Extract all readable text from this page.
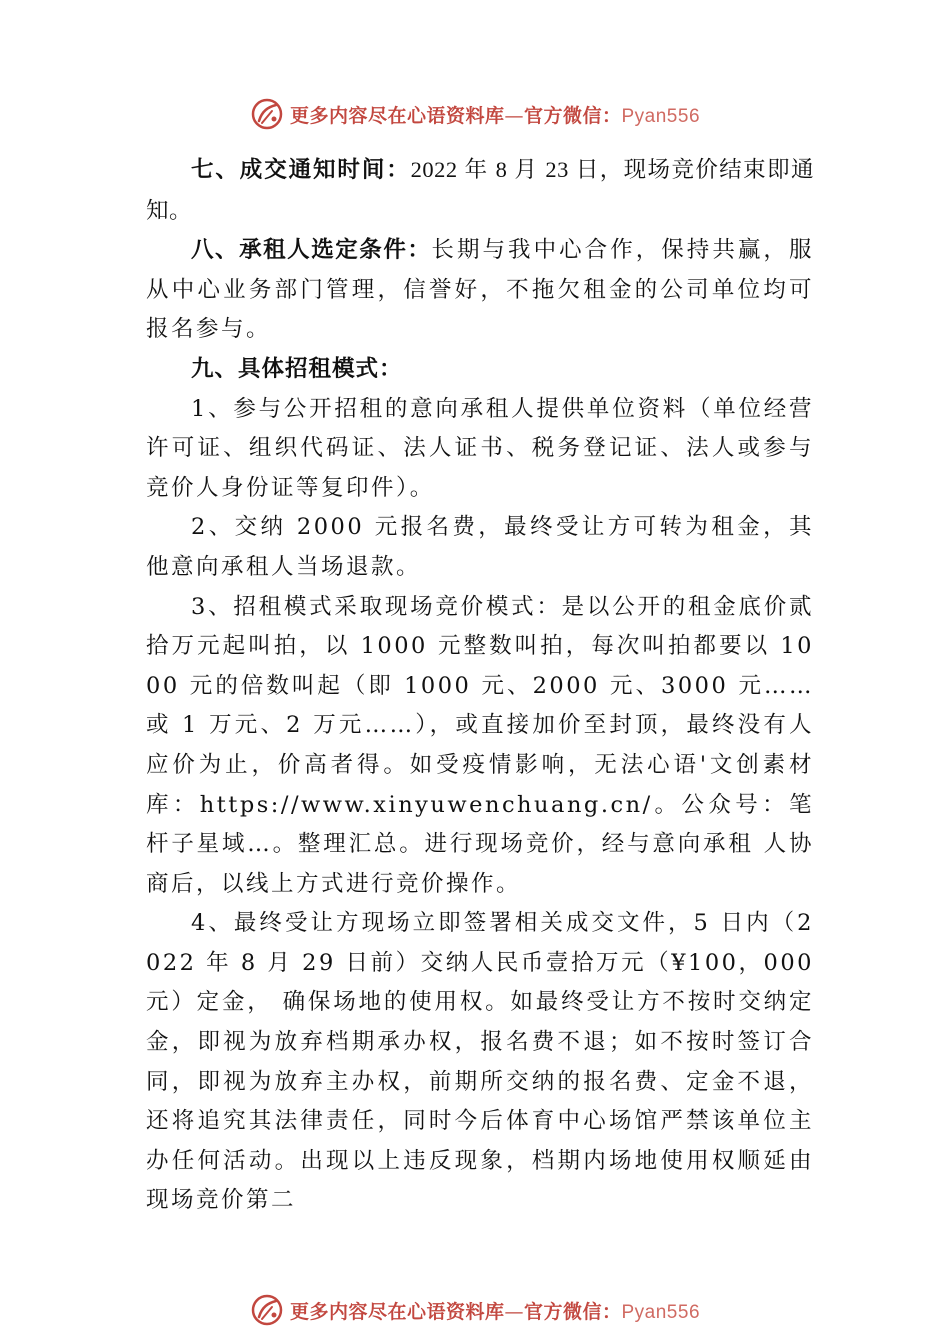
更多内容尽在心语资料库—官方微信：Pyan556

七、成交通知时间：2022 年 8 月 23 日，现场竞价结束即通知。

八、承租人选定条件：长期与我中心合作，保持共赢，服从中心业务部门管理，信誉好，不拖欠租金的公司单位均可报名参与。

九、具体招租模式：

1、参与公开招租的意向承租人提供单位资料（单位经营许可证、组织代码证、法人证书、税务登记证、法人或参与竞价人身份证等复印件）。

2、交纳 2000 元报名费，最终受让方可转为租金，其他意向承租人当场退款。

3、招租模式采取现场竞价模式：是以公开的租金底价贰拾万元起叫拍，以 1000 元整数叫拍，每次叫拍都要以 1000 元的倍数叫起（即 1000 元、2000 元、3000 元……或 1 万元、2 万元……），或直接加价至封顶，最终没有人应价为止，价高者得。如受疫情影响，无法心语'文创素材库：https://www.xinyuwenchuang.cn/。公众号：笔杆子星域…。整理汇总。进行现场竞价，经与意向承租 人协商后，以线上方式进行竞价操作。

4、最终受让方现场立即签署相关成交文件，5 日内（2022 年 8 月 29 日前）交纳人民币壹拾万元（¥100，000 元）定金， 确保场地的使用权。如最终受让方不按时交纳定金，即视为放弃档期承办权，报名费不退；如不按时签订合同，即视为放弃主办权，前期所交纳的报名费、定金不退，还将追究其法律责任，同时今后体育中心场馆严禁该单位主办任何活动。出现以上违反现象，档期内场地使用权顺延由现场竞价第二

更多内容尽在心语资料库—官方微信：Pyan556
